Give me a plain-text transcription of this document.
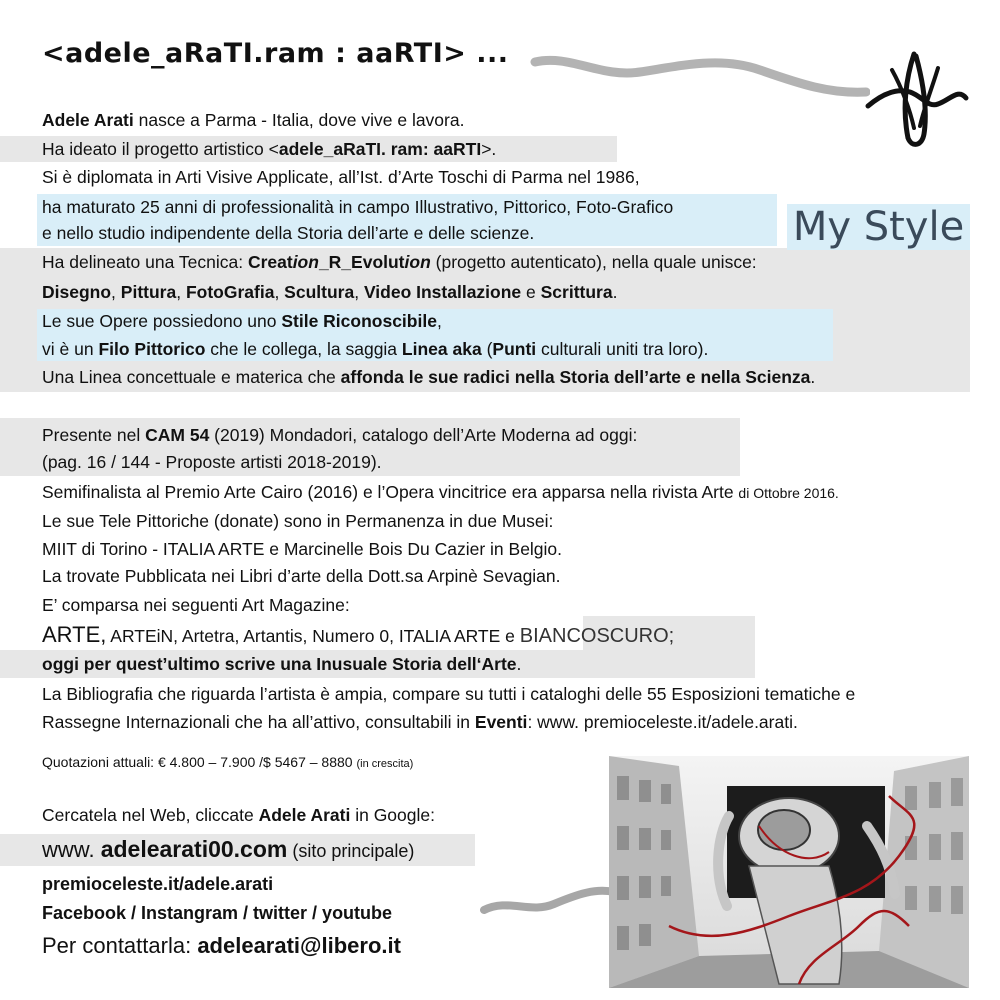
<adele_aRaTI.ram : aaRTI> ...
My Style
Adele Arati nasce a Parma - Italia, dove vive e lavora.
Ha ideato il progetto artistico <adele_aRaTI. ram: aaRTI>.
Si è diplomata in Arti Visive Applicate, all’Ist. d’Arte Toschi di Parma nel 1986,
ha maturato 25 anni di professionalità in campo Illustrativo, Pittorico, Foto-Grafico
e nello studio indipendente della Storia dell’arte e delle scienze.
Ha delineato una Tecnica: Creation_R_Evolution (progetto autenticato), nella quale unisce:
Disegno, Pittura, FotoGrafia, Scultura, Video Installazione e Scrittura.
Le sue Opere possiedono uno Stile Riconoscibile,
vi è un Filo Pittorico che le collega, la saggia Linea aka (Punti culturali uniti tra loro).
Una Linea concettuale e materica che affonda le sue radici nella Storia dell’arte e nella Scienza.
Presente nel CAM 54 (2019) Mondadori, catalogo dell’Arte Moderna ad oggi:
(pag. 16 / 144 - Proposte artisti 2018-2019).
Semifinalista al Premio Arte Cairo (2016) e l’Opera vincitrice era apparsa nella rivista Arte di Ottobre 2016.
Le sue Tele Pittoriche (donate) sono in Permanenza in due Musei:
MIIT di Torino - ITALIA ARTE e Marcinelle Bois Du Cazier in Belgio.
La trovate Pubblicata nei Libri d’arte della Dott.sa Arpinè Sevagian.
E’ comparsa nei seguenti Art Magazine:
ARTE, ARTEiN, Artetra, Artantis, Numero 0, ITALIA ARTE e BIANCOSCURO;
oggi per quest’ultimo scrive una Inusuale Storia dell‘Arte.
La Bibliografia che riguarda l’artista è ampia, compare su tutti i cataloghi delle 55 Esposizioni tematiche e
Rassegne Internazionali che ha all’attivo, consultabili in Eventi: www. premioceleste.it/adele.arati.
Quotazioni attuali: € 4.800 – 7.900 /$ 5467 – 8880 (in crescita)
Cercatela nel Web, cliccate Adele Arati in Google:
www. adelearati00.com (sito principale)
premioceleste.it/adele.arati
Facebook / Instangram / twitter / youtube
Per contattarla: adelearati@libero.it
